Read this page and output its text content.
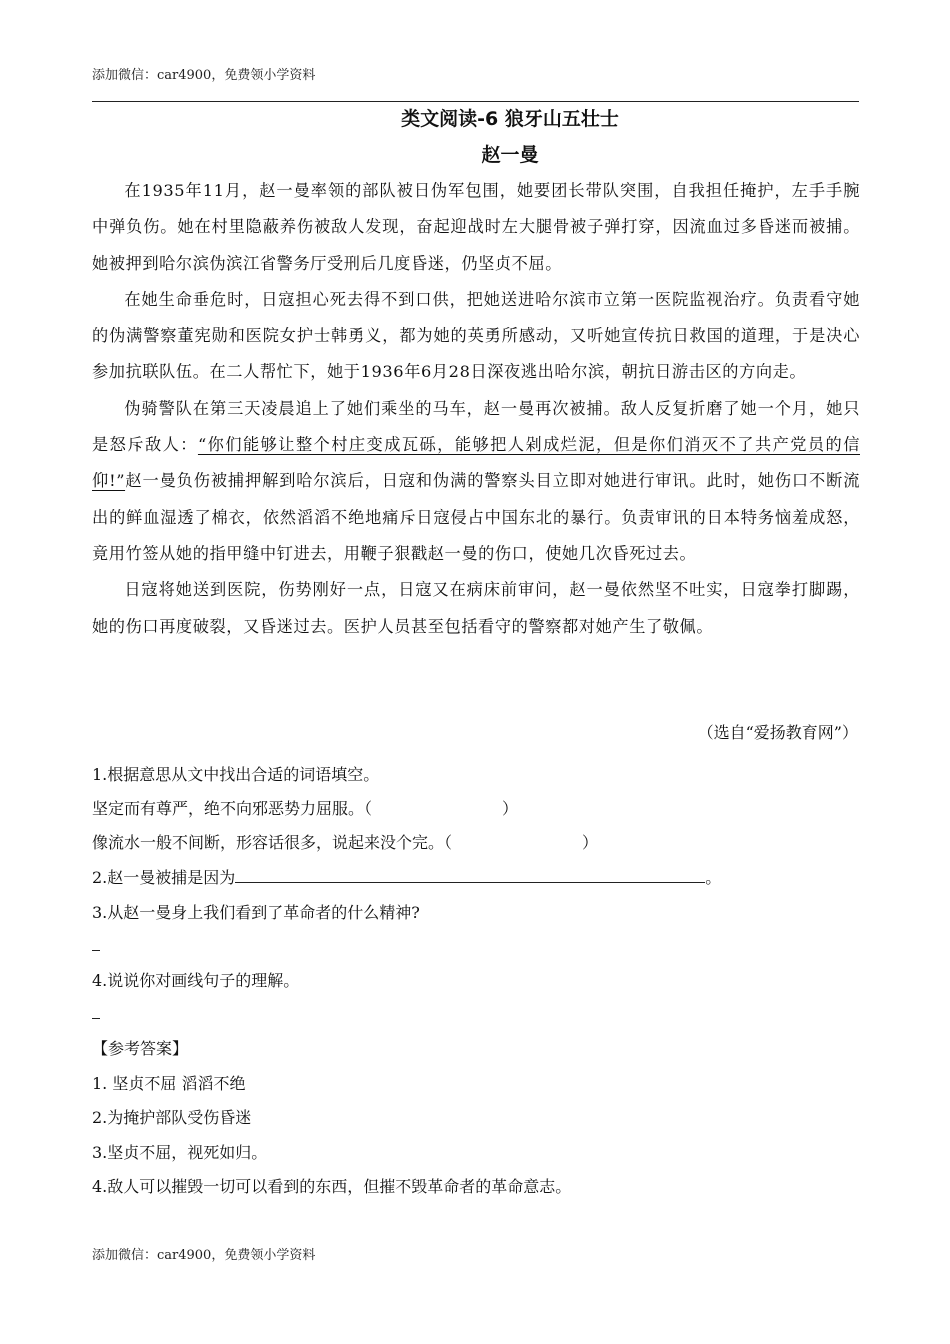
添加微信：car4900，免费领小学资料
类文阅读-6 狼牙山五壮士
赵一曼

在1935年11月，赵一曼率领的部队被日伪军包围，她要团长带队突围，自我担任掩护，左手手腕中弹负伤。她在村里隐蔽养伤被敌人发现，奋起迎战时左大腿骨被子弹打穿，因流血过多昏迷而被捕。她被押到哈尔滨伪滨江省警务厅受刑后几度昏迷，仍坚贞不屈。

在她生命垂危时，日寇担心死去得不到口供，把她送进哈尔滨市立第一医院监视治疗。负责看守她的伪满警察董宪勋和医院女护士韩勇义，都为她的英勇所感动，又听她宣传抗日救国的道理，于是决心参加抗联队伍。在二人帮忙下，她于1936年6月28日深夜逃出哈尔滨，朝抗日游击区的方向走。

伪骑警队在第三天凌晨追上了她们乘坐的马车，赵一曼再次被捕。敌人反复折磨了她一个月，她只是怒斥敌人：“你们能够让整个村庄变成瓦砾，能够把人剁成烂泥，但是你们消灭不了共产党员的信仰!”赵一曼负伤被捕押解到哈尔滨后，日寇和伪满的警察头目立即对她进行审讯。此时，她伤口不断流出的鲜血湿透了棉衣，依然滔滔不绝地痛斥日寇侵占中国东北的暴行。负责审讯的日本特务恼羞成怒，竟用竹签从她的指甲缝中钉进去，用鞭子狠戳赵一曼的伤口，使她几次昏死过去。

日寇将她送到医院，伤势刚好一点，日寇又在病床前审问，赵一曼依然坚不吐实，日寇拳打脚踢，她的伤口再度破裂，又昏迷过去。医护人员甚至包括看守的警察都对她产生了敬佩。

（选自“爱扬教育网”）
1.根据意思从文中找出合适的词语填空。
坚定而有尊严，绝不向邪恶势力屈服。（	）
像流水一般不间断，形容话很多，说起来没个完。（	）
2.赵一曼被捕是因为	。
3.从赵一曼身上我们看到了革命者的什么精神?
4.说说你对画线句子的理解。
【参考答案】
1. 坚贞不屈 滔滔不绝
2.为掩护部队受伤昏迷
3.坚贞不屈，视死如归。
4.敌人可以摧毁一切可以看到的东西，但摧不毁革命者的革命意志。
添加微信：car4900，免费领小学资料
